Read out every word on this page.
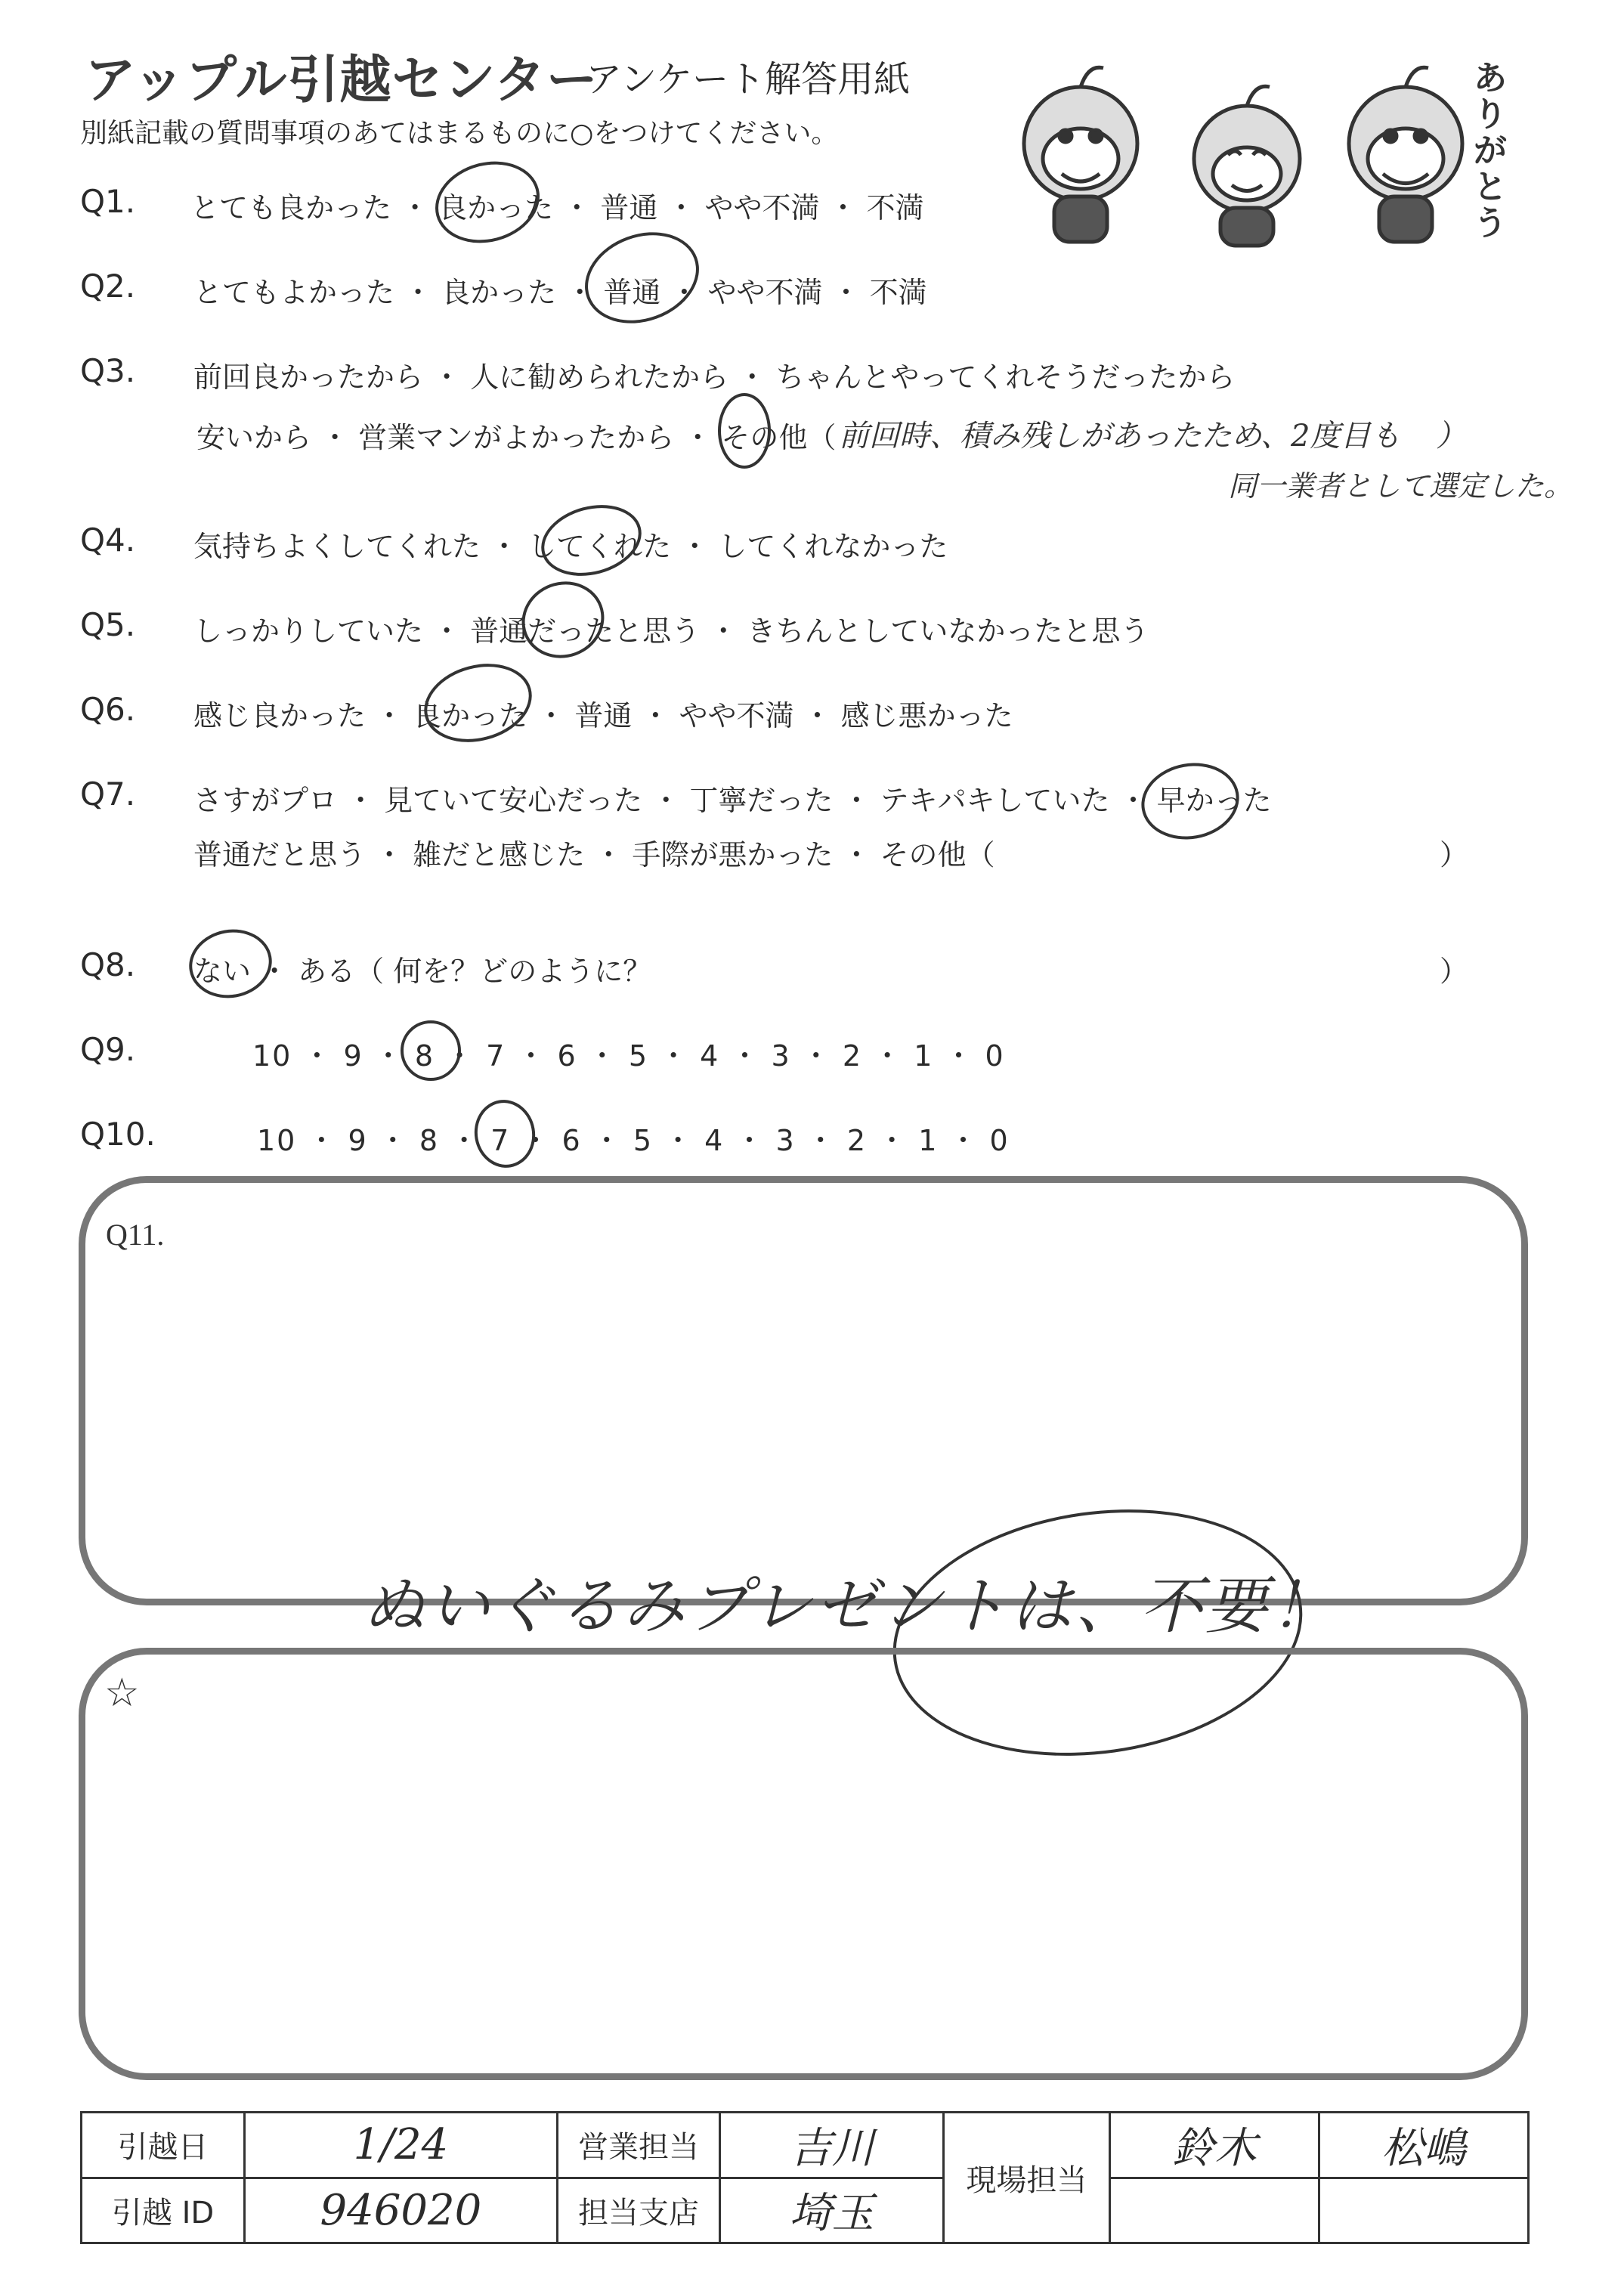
アップル引越センター
アンケート解答用紙
別紙記載の質問事項のあてはまるものに○をつけてください。
ありがとう
Q1. とても良かった ・ 良かった ・ 普通 ・ やや不満 ・ 不満
Q2. とてもよかった ・ 良かった ・ 普通 ・ やや不満 ・ 不満
Q3. 前回良かったから ・ 人に勧められたから ・ ちゃんとやってくれそうだったから
安いから ・ 営業マンがよかったから ・ その他（ 前回時、積み残しがあったため、2度目も ）
同一業者として選定した。
Q4. 気持ちよくしてくれた ・ してくれた ・ してくれなかった
Q5. しっかりしていた ・ 普通だったと思う ・ きちんとしていなかったと思う
Q6. 感じ良かった ・ 良かった ・ 普通 ・ やや不満 ・ 感じ悪かった
Q7. さすがプロ ・ 見ていて安心だった ・ 丁寧だった ・ テキパキしていた ・ 早かった
普通だと思う ・ 雑だと感じた ・ 手際が悪かった ・ その他（	）
Q8. ない ・ ある（ 何を？どのように？	）
Q9.	10 ・ 9 ・ 8 ・ 7 ・ 6 ・ 5 ・ 4 ・ 3 ・ 2 ・ 1 ・ 0
Q10.	10 ・ 9 ・ 8 ・ 7 ・ 6 ・ 5 ・ 4 ・ 3 ・ 2 ・ 1 ・ 0
Q11.
ぬいぐるみプレゼントは、不要！
☆
引越日	1/24	営業担当	吉川	現場担当	鈴木	松嶋
引越 ID	946020	担当支店	埼玉			
